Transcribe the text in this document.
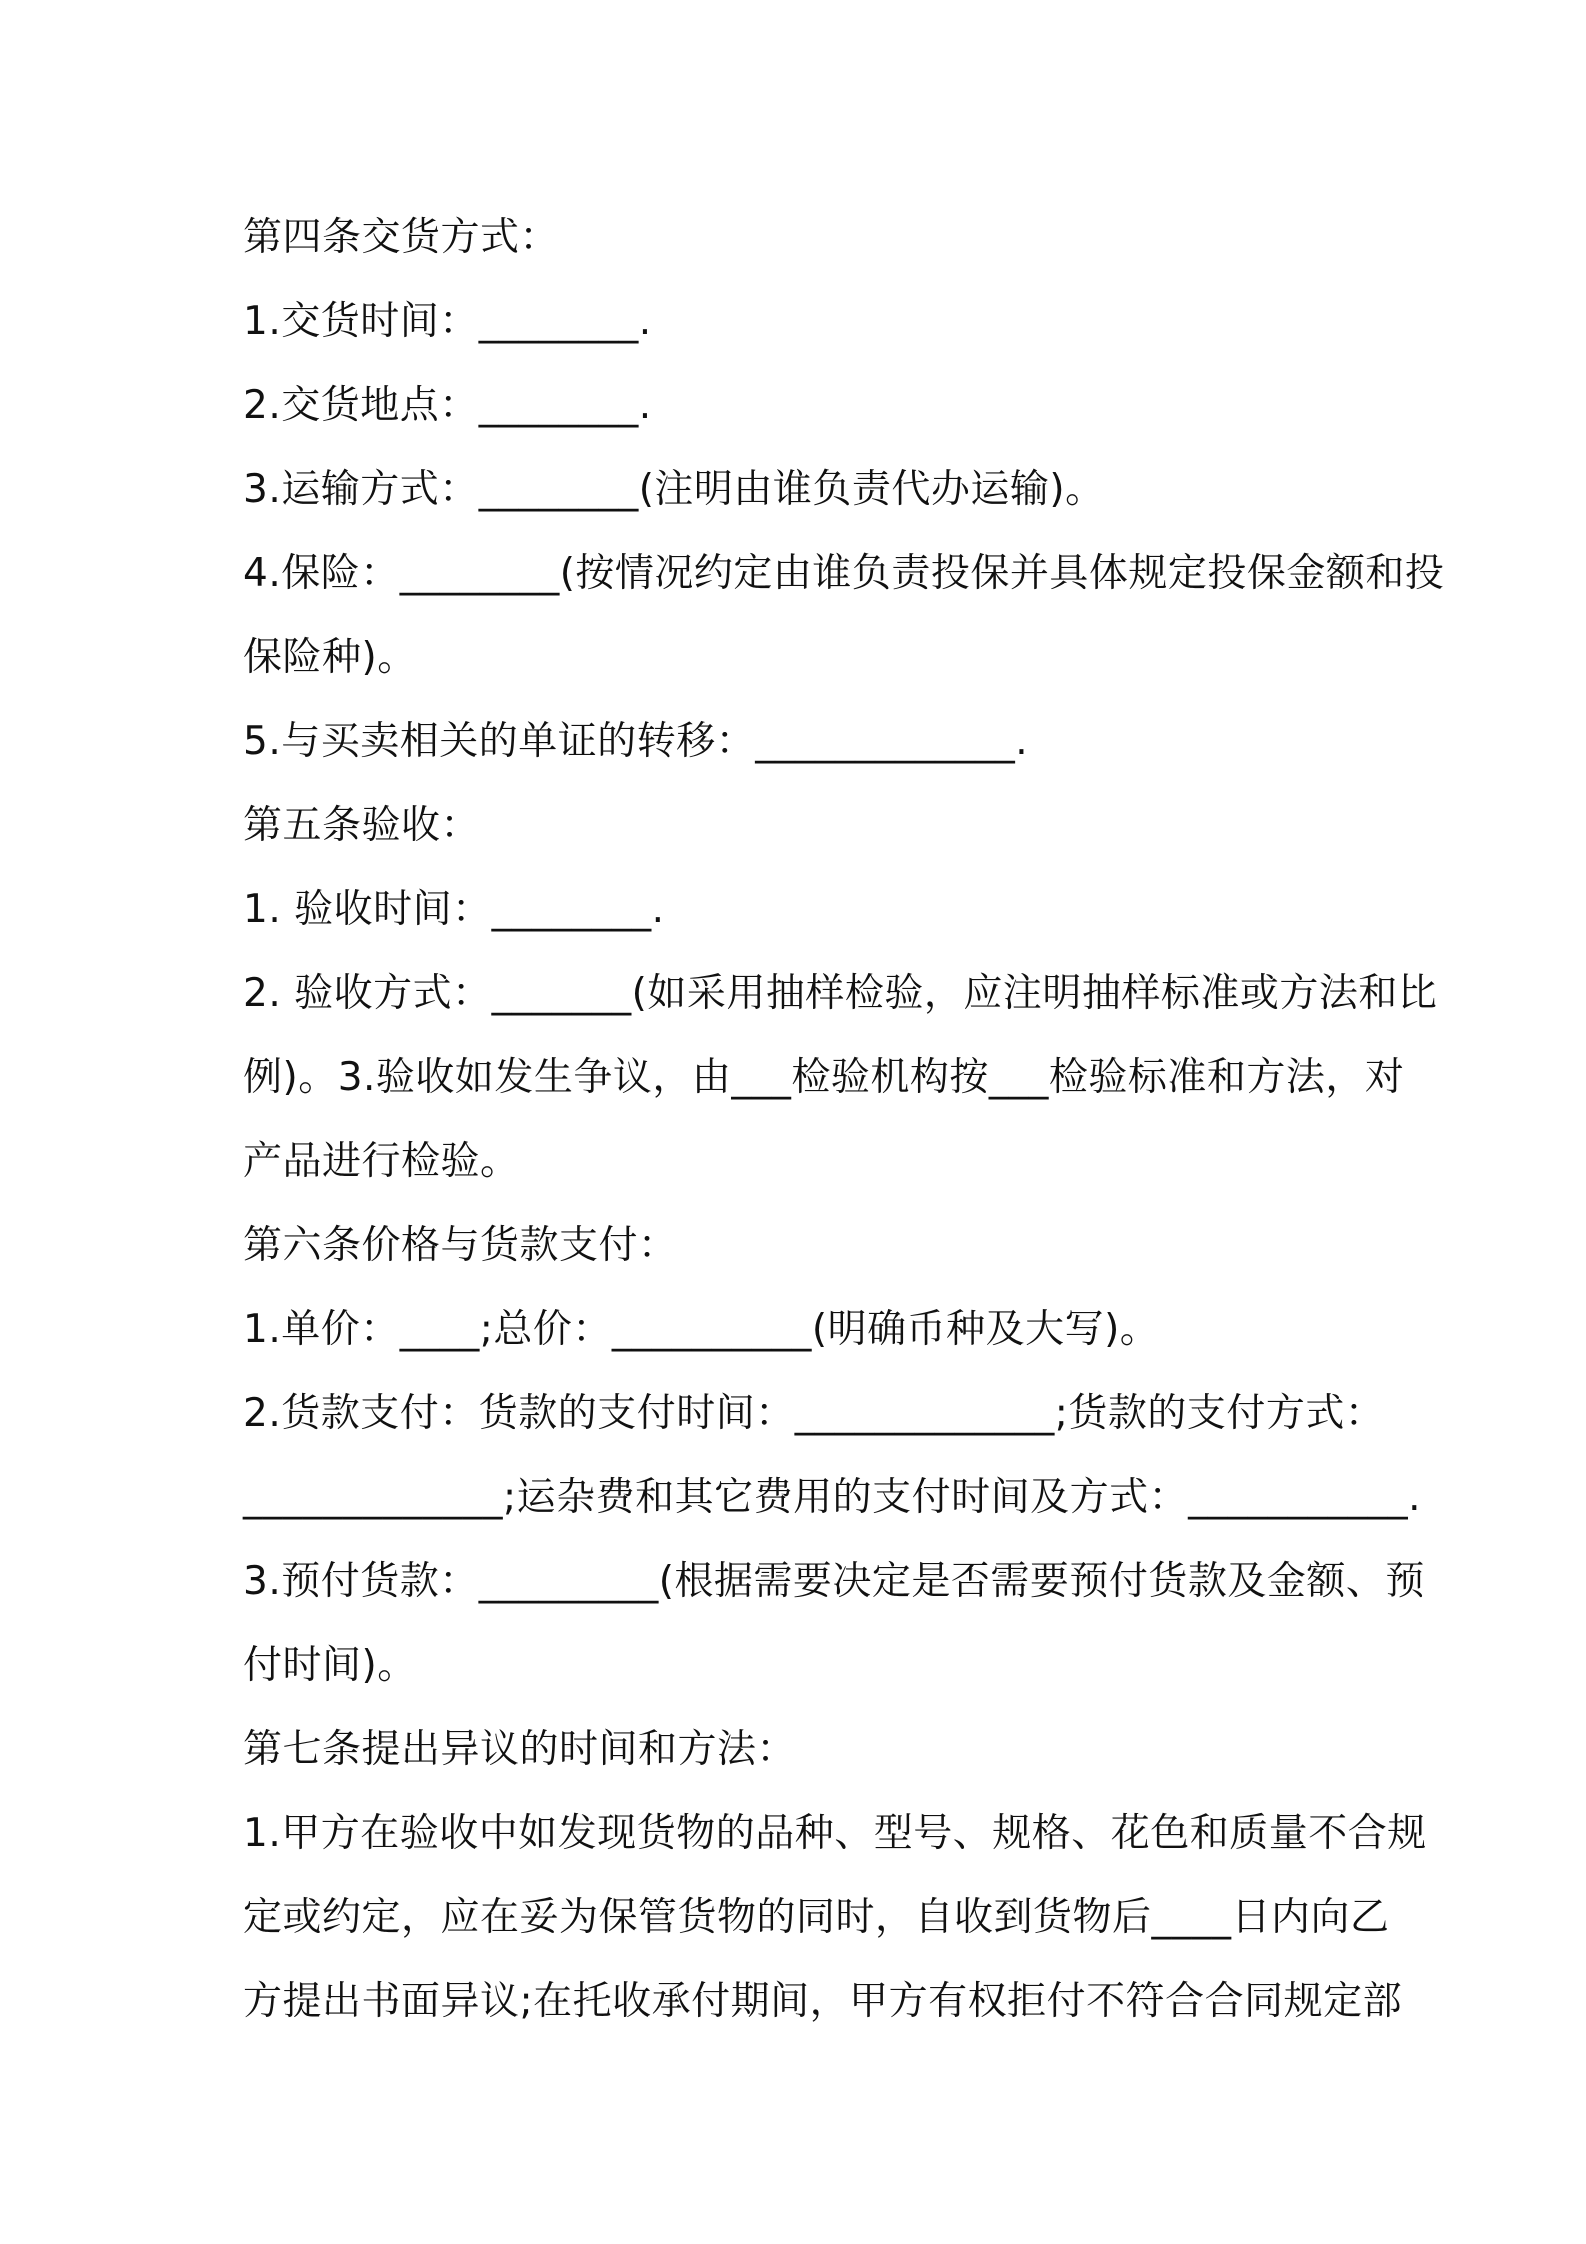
第四条交货方式：

1.交货时间：________.

2.交货地点：________.

3.运输方式：________(注明由谁负责代办运输)。

4.保险：________(按情况约定由谁负责投保并具体规定投保金额和投

保险种)。

5.与买卖相关的单证的转移：_____________.

第五条验收：

1. 验收时间：________.

2. 验收方式：_______(如采用抽样检验，应注明抽样标准或方法和比

例)。3.验收如发生争议，由___检验机构按___检验标准和方法，对

产品进行检验。

第六条价格与货款支付：

1.单价：____;总价：__________(明确币种及大写)。

2.货款支付：货款的支付时间：_____________;货款的支付方式：

_____________;运杂费和其它费用的支付时间及方式：___________.

3.预付货款：_________(根据需要决定是否需要预付货款及金额、预

付时间)。

第七条提出异议的时间和方法：

1.甲方在验收中如发现货物的品种、型号、规格、花色和质量不合规

定或约定，应在妥为保管货物的同时，自收到货物后____日内向乙

方提出书面异议;在托收承付期间，甲方有权拒付不符合合同规定部
